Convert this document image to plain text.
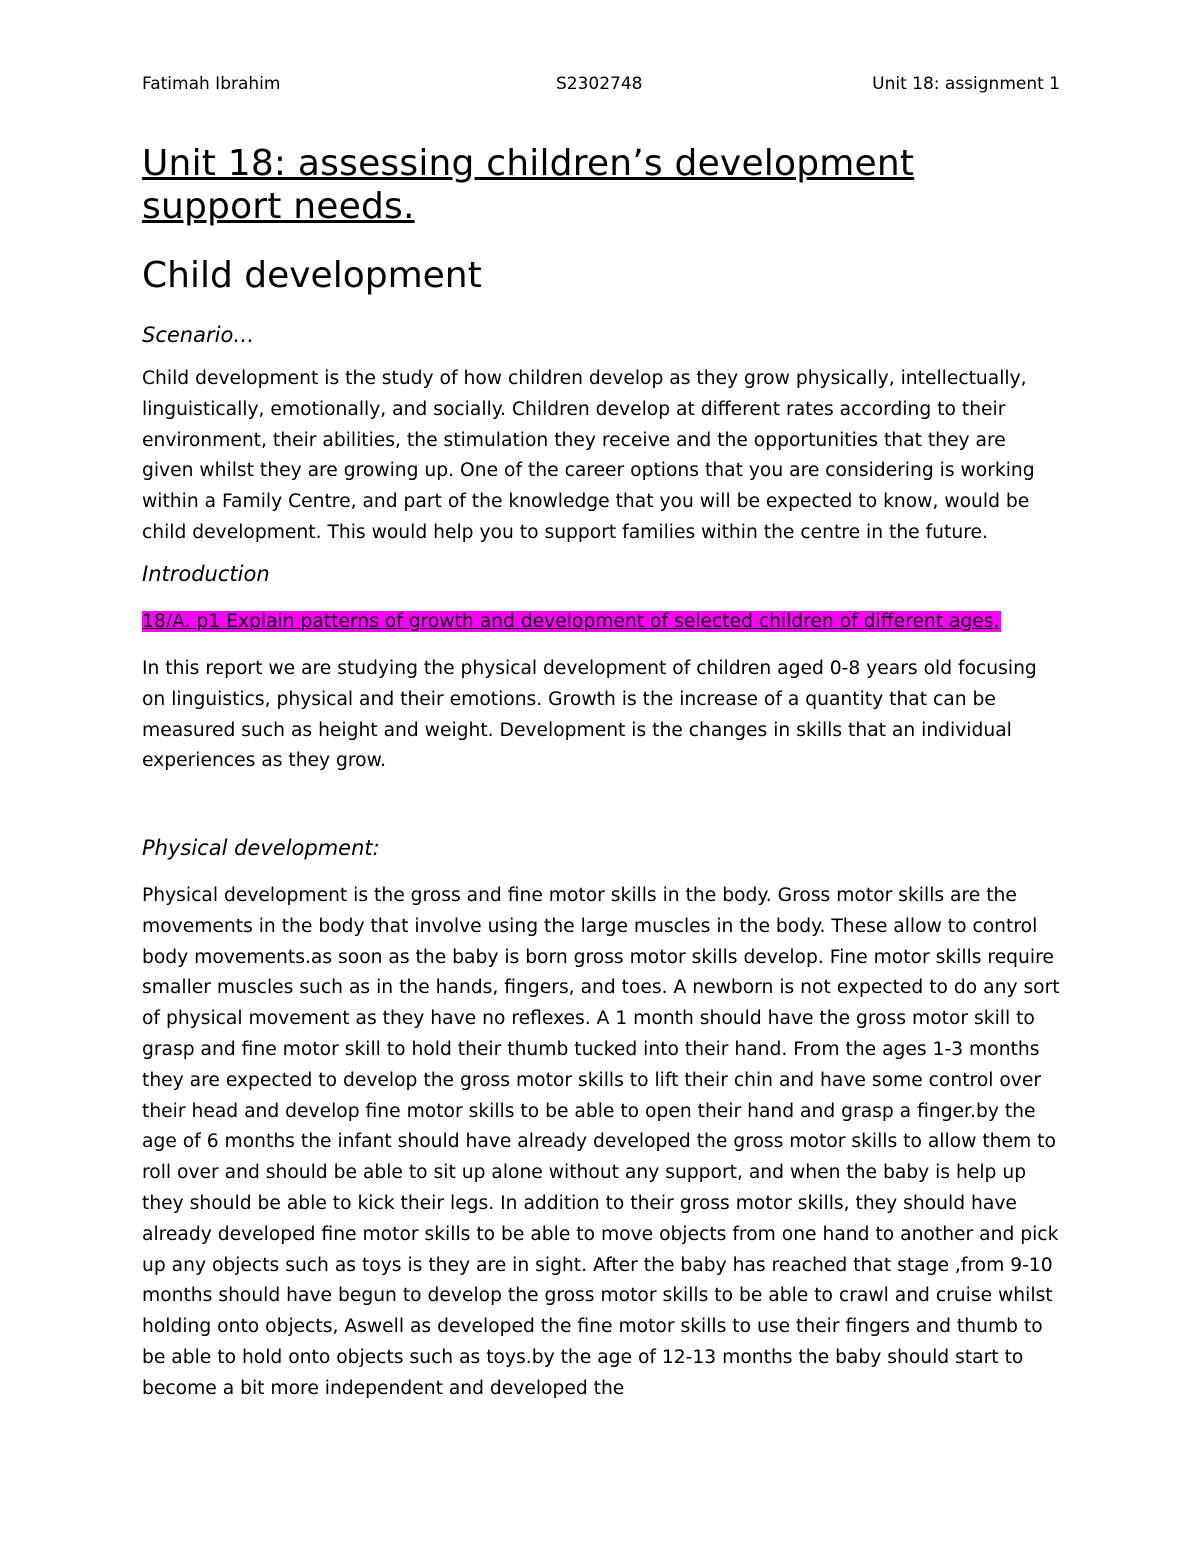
Fatimah Ibrahim	S2302748	Unit 18: assignment 1
Unit 18: assessing children’s development support needs.
Child development
Scenario…

Child development is the study of how children develop as they grow physically, intellectually, linguistically, emotionally, and socially. Children develop at different rates according to their environment, their abilities, the stimulation they receive and the opportunities that they are given whilst they are growing up. One of the career options that you are considering is working within a Family Centre, and part of the knowledge that you will be expected to know, would be child development. This would help you to support families within the centre in the future.

Introduction
18/A. p1 Explain patterns of growth and development of selected children of different ages.

In this report we are studying the physical development of children aged 0-8 years old focusing on linguistics, physical and their emotions. Growth is the increase of a quantity that can be measured such as height and weight. Development is the changes in skills that an individual experiences as they grow.

Physical development:

Physical development is the gross and fine motor skills in the body. Gross motor skills are the movements in the body that involve using the large muscles in the body. These allow to control body movements.as soon as the baby is born gross motor skills develop. Fine motor skills require smaller muscles such as in the hands, fingers, and toes. A newborn is not expected to do any sort of physical movement as they have no reflexes. A 1 month should have the gross motor skill to grasp and fine motor skill to hold their thumb tucked into their hand. From the ages 1-3 months they are expected to develop the gross motor skills to lift their chin and have some control over their head and develop fine motor skills to be able to open their hand and grasp a finger.by the age of 6 months the infant should have already developed the gross motor skills to allow them to roll over and should be able to sit up alone without any support, and when the baby is help up they should be able to kick their legs. In addition to their gross motor skills, they should have already developed fine motor skills to be able to move objects from one hand to another and pick up any objects such as toys is they are in sight. After the baby has reached that stage ,from 9-10 months should have begun to develop the gross motor skills to be able to crawl and cruise whilst holding onto objects, Aswell as developed the fine motor skills to use their fingers and thumb to be able to hold onto objects such as toys.by the age of 12-13 months the baby should start to become a bit more independent and developed the
